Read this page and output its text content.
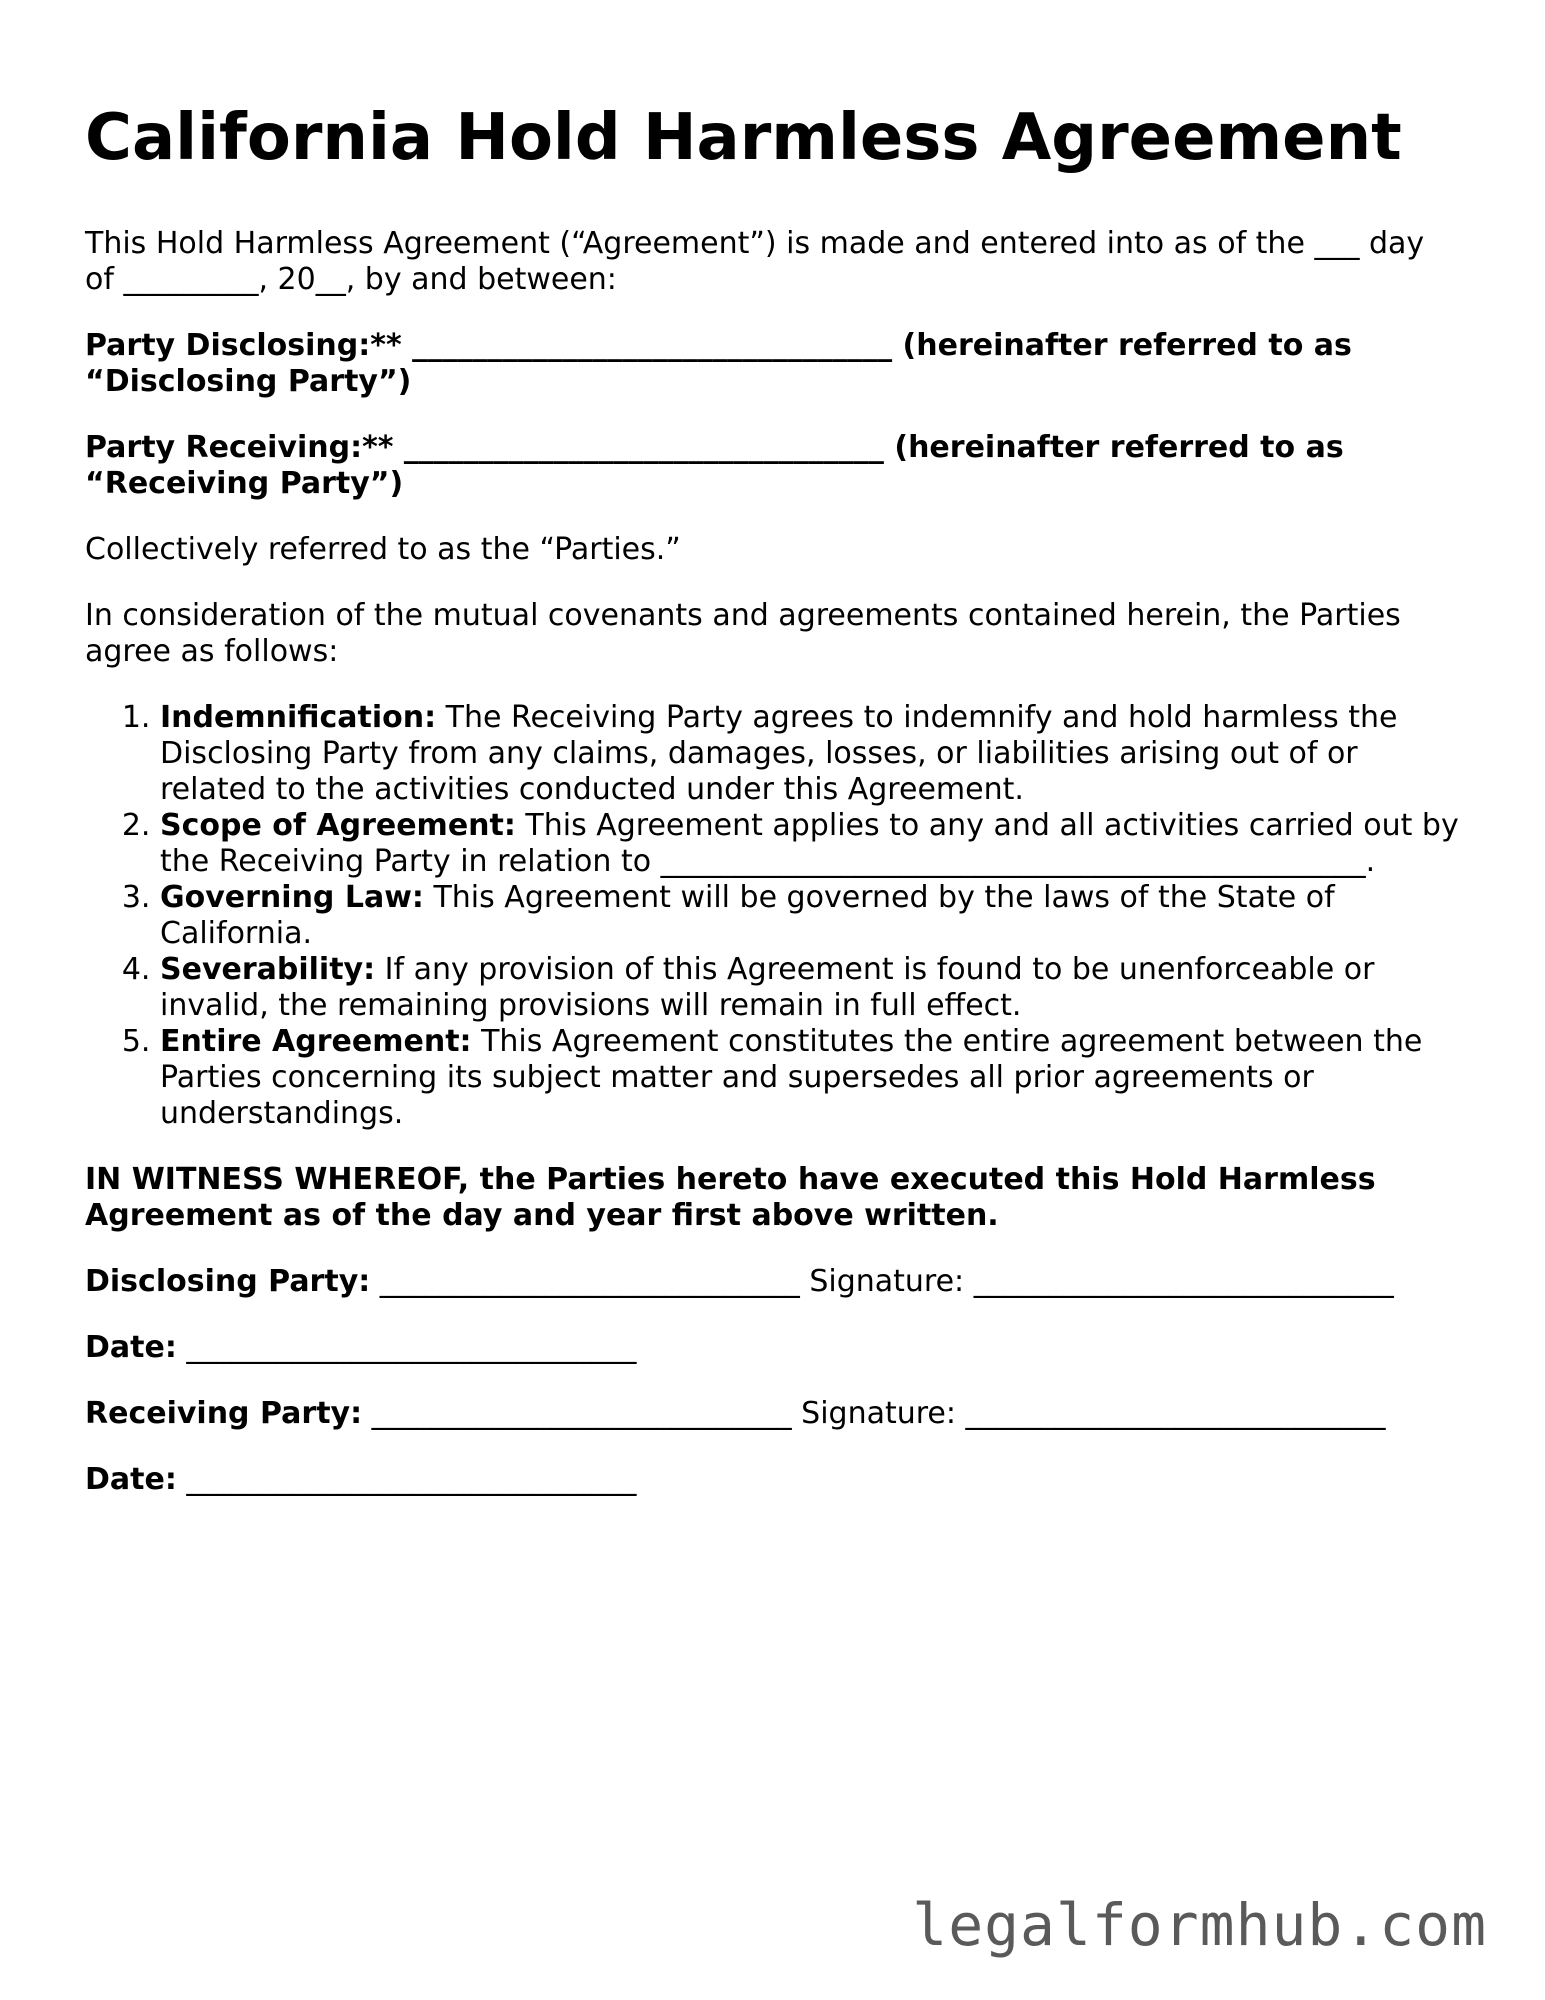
California Hold Harmless Agreement

This Hold Harmless Agreement (“Agreement”) is made and entered into as of the ___ day of _________, 20__, by and between:

Party Disclosing:** ________________________________ (hereinafter referred to as “Disclosing Party”)

Party Receiving:** ________________________________ (hereinafter referred to as “Receiving Party”)

Collectively referred to as the “Parties.”

In consideration of the mutual covenants and agreements contained herein, the Parties agree as follows:

1. Indemnification: The Receiving Party agrees to indemnify and hold harmless the Disclosing Party from any claims, damages, losses, or liabilities arising out of or related to the activities conducted under this Agreement.
2. Scope of Agreement: This Agreement applies to any and all activities carried out by the Receiving Party in relation to _______________________________________________.
3. Governing Law: This Agreement will be governed by the laws of the State of California.
4. Severability: If any provision of this Agreement is found to be unenforceable or invalid, the remaining provisions will remain in full effect.
5. Entire Agreement: This Agreement constitutes the entire agreement between the Parties concerning its subject matter and supersedes all prior agreements or understandings.

IN WITNESS WHEREOF, the Parties hereto have executed this Hold Harmless Agreement as of the day and year first above written.

Disclosing Party: ____________________________ Signature: ____________________________

Date: ______________________________

Receiving Party: ____________________________ Signature: ____________________________

Date: ______________________________

legalformhub.com
